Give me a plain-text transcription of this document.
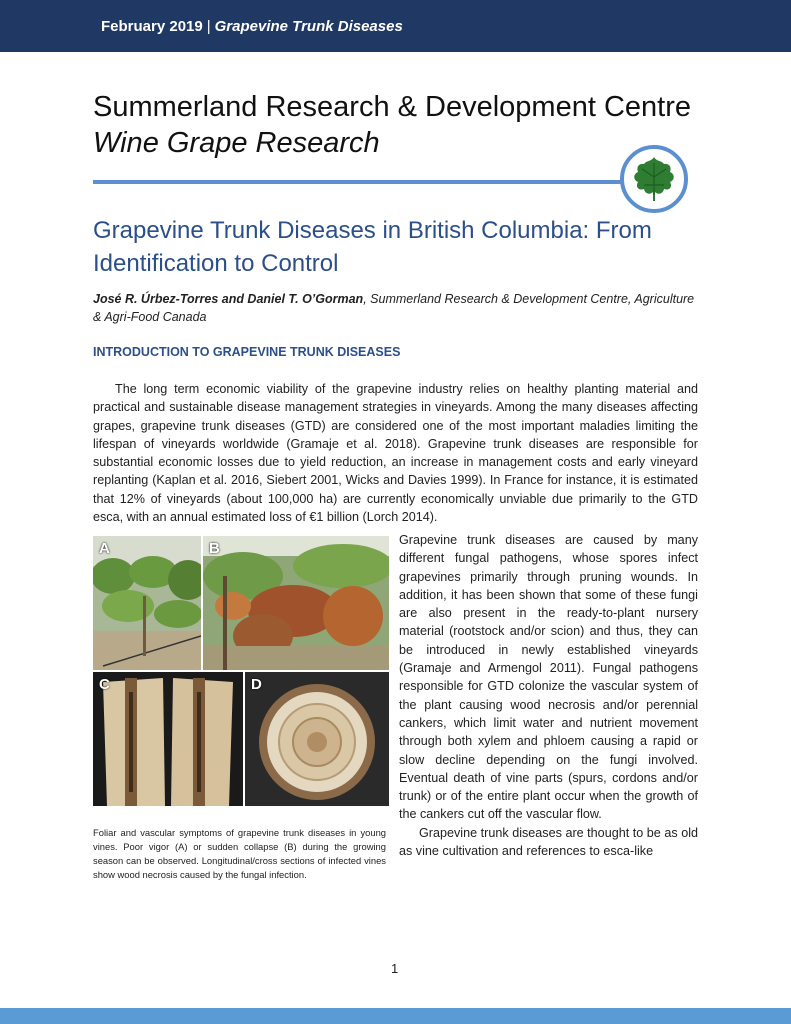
February 2019 | Grapevine Trunk Diseases
Summerland Research & Development Centre
Wine Grape Research
Grapevine Trunk Diseases in British Columbia: From Identification to Control
José R. Úrbez-Torres and Daniel T. O’Gorman, Summerland Research & Development Centre, Agriculture & Agri-Food Canada
INTRODUCTION TO GRAPEVINE TRUNK DISEASES

The long term economic viability of the grapevine industry relies on healthy planting material and practical and sustainable disease management strategies in vineyards. Among the many diseases affecting grapes, grapevine trunk diseases (GTD) are considered one of the most important maladies limiting the lifespan of vineyards worldwide (Gramaje et al. 2018). Grapevine trunk diseases are responsible for substantial economic losses due to yield reduction, an increase in management costs and early vineyard replanting (Kaplan et al. 2016, Siebert 2001, Wicks and Davies 1999). In France for instance, it is estimated that 12% of vineyards (about 100,000 ha) are currently economically unviable due primarily to the GTD esca, with an annual estimated loss of €1 billion (Lorch 2014).

A	B
C	D
Foliar and vascular symptoms of grapevine trunk diseases in young vines. Poor vigor (A) or sudden collapse (B) during the growing season can be observed. Longitudinal/cross sections of infected vines show wood necrosis caused by the fungal infection.

Grapevine trunk diseases are caused by many different fungal pathogens, whose spores infect grapevines primarily through pruning wounds. In addition, it has been shown that some of these fungi are also present in the ready-to-plant nursery material (rootstock and/or scion) and thus, they can be introduced in newly established vineyards (Gramaje and Armengol 2011). Fungal pathogens responsible for GTD colonize the vascular system of the plant causing wood necrosis and/or perennial cankers, which limit water and nutrient movement through both xylem and phloem causing a rapid or slow decline depending on the fungi involved. Eventual death of vine parts (spurs, cordons and/or trunk) or of the entire plant occur when the growth of the cankers cut off the vascular flow.

Grapevine trunk diseases are thought to be as old as vine cultivation and references to esca-like

1
